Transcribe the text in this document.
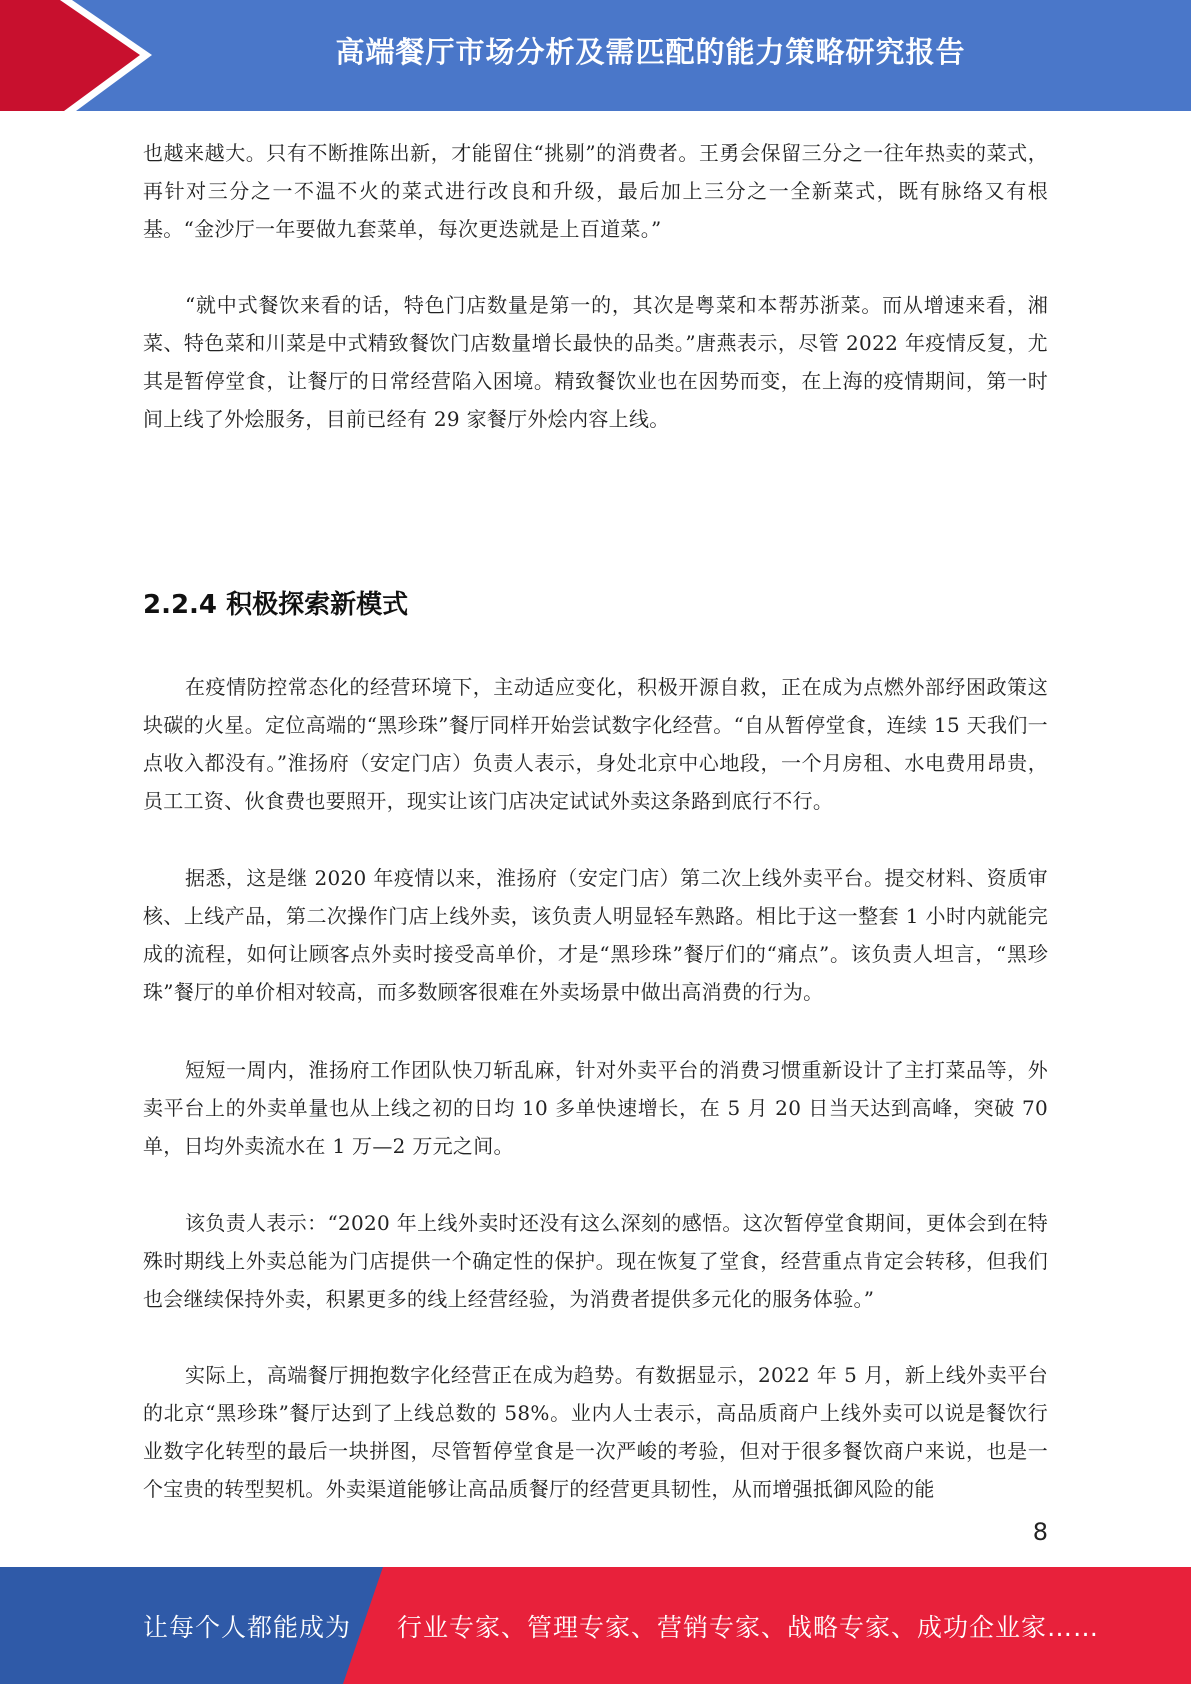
高端餐厅市场分析及需匹配的能力策略研究报告

也越来越大。只有不断推陈出新，才能留住“挑剔”的消费者。王勇会保留三分之一往年热卖的菜式，再针对三分之一不温不火的菜式进行改良和升级，最后加上三分之一全新菜式，既有脉络又有根基。“金沙厅一年要做九套菜单，每次更迭就是上百道菜。”

“就中式餐饮来看的话，特色门店数量是第一的，其次是粤菜和本帮苏浙菜。而从增速来看，湘菜、特色菜和川菜是中式精致餐饮门店数量增长最快的品类。”唐燕表示，尽管 2022 年疫情反复，尤其是暂停堂食，让餐厅的日常经营陷入困境。精致餐饮业也在因势而变，在上海的疫情期间，第一时间上线了外烩服务，目前已经有 29 家餐厅外烩内容上线。

2.2.4 积极探索新模式

在疫情防控常态化的经营环境下，主动适应变化，积极开源自救，正在成为点燃外部纾困政策这块碳的火星。定位高端的“黑珍珠”餐厅同样开始尝试数字化经营。“自从暂停堂食，连续 15 天我们一点收入都没有。”淮扬府（安定门店）负责人表示，身处北京中心地段，一个月房租、水电费用昂贵，员工工资、伙食费也要照开，现实让该门店决定试试外卖这条路到底行不行。

据悉，这是继 2020 年疫情以来，淮扬府（安定门店）第二次上线外卖平台。提交材料、资质审核、上线产品，第二次操作门店上线外卖，该负责人明显轻车熟路。相比于这一整套 1 小时内就能完成的流程，如何让顾客点外卖时接受高单价，才是“黑珍珠”餐厅们的“痛点”。该负责人坦言，“黑珍珠”餐厅的单价相对较高，而多数顾客很难在外卖场景中做出高消费的行为。

短短一周内，淮扬府工作团队快刀斩乱麻，针对外卖平台的消费习惯重新设计了主打菜品等，外卖平台上的外卖单量也从上线之初的日均 10 多单快速增长，在 5 月 20 日当天达到高峰，突破 70 单，日均外卖流水在 1 万—2 万元之间。

该负责人表示：“2020 年上线外卖时还没有这么深刻的感悟。这次暂停堂食期间，更体会到在特殊时期线上外卖总能为门店提供一个确定性的保护。现在恢复了堂食，经营重点肯定会转移，但我们也会继续保持外卖，积累更多的线上经营经验，为消费者提供多元化的服务体验。”

实际上，高端餐厅拥抱数字化经营正在成为趋势。有数据显示，2022 年 5 月，新上线外卖平台的北京“黑珍珠”餐厅达到了上线总数的 58%。业内人士表示，高品质商户上线外卖可以说是餐饮行业数字化转型的最后一块拼图，尽管暂停堂食是一次严峻的考验，但对于很多餐饮商户来说，也是一个宝贵的转型契机。外卖渠道能够让高品质餐厅的经营更具韧性，从而增强抵御风险的能

8
让每个人都能成为 行业专家、管理专家、营销专家、战略专家、成功企业家……
